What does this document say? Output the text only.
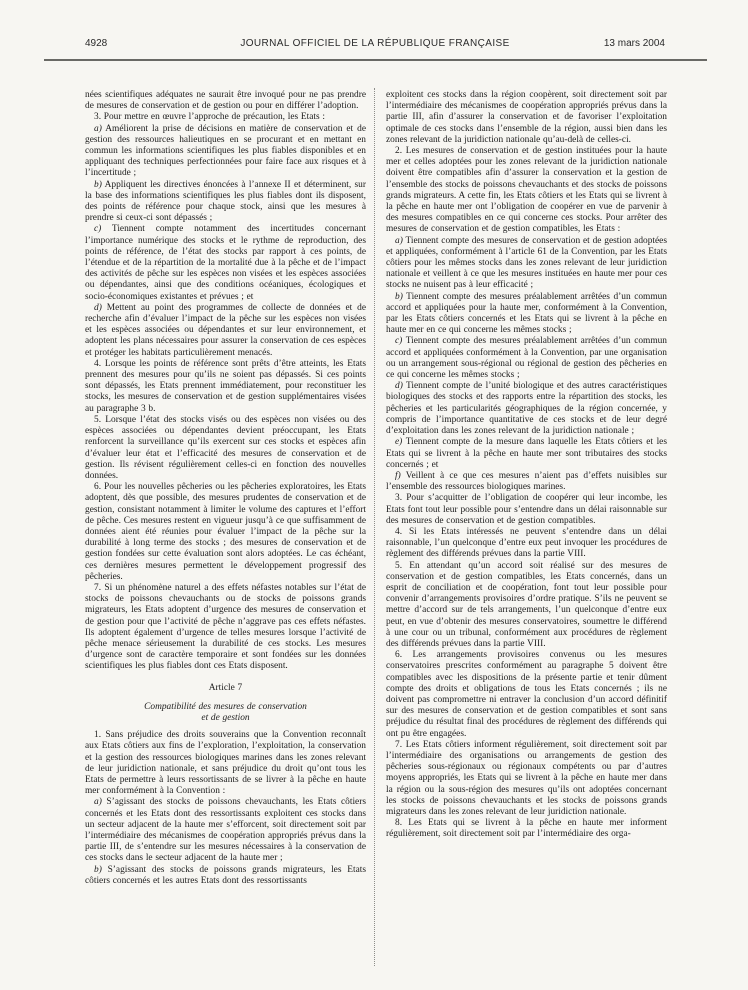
4928	JOURNAL OFFICIEL DE LA RÉPUBLIQUE FRANÇAISE	13 mars 2004

nées scientifiques adéquates ne saurait être invoqué pour ne pas prendre de mesures de conservation et de gestion ou pour en différer l’adoption.

3. Pour mettre en œuvre l’approche de précaution, les Etats :

a) Améliorent la prise de décisions en matière de conservation et de gestion des ressources halieutiques en se procurant et en mettant en commun les informations scientifiques les plus fiables disponibles et en appliquant des techniques perfectionnées pour faire face aux risques et à l’incertitude ;

b) Appliquent les directives énoncées à l’annexe II et déterminent, sur la base des informations scientifiques les plus fiables dont ils disposent, des points de référence pour chaque stock, ainsi que les mesures à prendre si ceux-ci sont dépassés ;

c) Tiennent compte notamment des incertitudes concernant l’importance numérique des stocks et le rythme de reproduction, des points de référence, de l’état des stocks par rapport à ces points, de l’étendue et de la répartition de la mortalité due à la pêche et de l’impact des activités de pêche sur les espèces non visées et les espèces associées ou dépendantes, ainsi que des conditions océaniques, écologiques et socio-économiques existantes et prévues ; et

d) Mettent au point des programmes de collecte de données et de recherche afin d’évaluer l’impact de la pêche sur les espèces non visées et les espèces associées ou dépendantes et sur leur environnement, et adoptent les plans nécessaires pour assurer la conservation de ces espèces et protéger les habitats particulièrement menacés.

4. Lorsque les points de référence sont prêts d’être atteints, les Etats prennent des mesures pour qu’ils ne soient pas dépassés. Si ces points sont dépassés, les Etats prennent immédiatement, pour reconstituer les stocks, les mesures de conservation et de gestion supplémentaires visées au paragraphe 3 b.

5. Lorsque l’état des stocks visés ou des espèces non visées ou des espèces associées ou dépendantes devient préoccupant, les Etats renforcent la surveillance qu’ils exercent sur ces stocks et espèces afin d’évaluer leur état et l’efficacité des mesures de conservation et de gestion. Ils révisent régulièrement celles-ci en fonction des nouvelles données.

6. Pour les nouvelles pêcheries ou les pêcheries exploratoires, les Etats adoptent, dès que possible, des mesures prudentes de conservation et de gestion, consistant notamment à limiter le volume des captures et l’effort de pêche. Ces mesures restent en vigueur jusqu’à ce que suffisamment de données aient été réunies pour évaluer l’impact de la pêche sur la durabilité à long terme des stocks ; des mesures de conservation et de gestion fondées sur cette évaluation sont alors adoptées. Le cas échéant, ces dernières mesures permettent le développement progressif des pêcheries.

7. Si un phénomène naturel a des effets néfastes notables sur l’état de stocks de poissons chevauchants ou de stocks de poissons grands migrateurs, les Etats adoptent d’urgence des mesures de conservation et de gestion pour que l’activité de pêche n’aggrave pas ces effets néfastes. Ils adoptent également d’urgence de telles mesures lorsque l’activité de pêche menace sérieusement la durabilité de ces stocks. Les mesures d’urgence sont de caractère temporaire et sont fondées sur les données scientifiques les plus fiables dont ces Etats disposent.

Article 7
Compatibilité des mesures de conservation
et de gestion

1. Sans préjudice des droits souverains que la Convention reconnaît aux Etats côtiers aux fins de l’exploration, l’exploitation, la conservation et la gestion des ressources biologiques marines dans les zones relevant de leur juridiction nationale, et sans préjudice du droit qu’ont tous les Etats de permettre à leurs ressortissants de se livrer à la pêche en haute mer conformément à la Convention :

a) S’agissant des stocks de poissons chevauchants, les Etats côtiers concernés et les Etats dont des ressortissants exploitent ces stocks dans un secteur adjacent de la haute mer s’efforcent, soit directement soit par l’intermédiaire des mécanismes de coopération appropriés prévus dans la partie III, de s’entendre sur les mesures nécessaires à la conservation de ces stocks dans le secteur adjacent de la haute mer ;

b) S’agissant des stocks de poissons grands migrateurs, les Etats côtiers concernés et les autres Etats dont des ressortissants

exploitent ces stocks dans la région coopèrent, soit directement soit par l’intermédiaire des mécanismes de coopération appropriés prévus dans la partie III, afin d’assurer la conservation et de favoriser l’exploitation optimale de ces stocks dans l’ensemble de la région, aussi bien dans les zones relevant de la juridiction nationale qu’au-delà de celles-ci.

2. Les mesures de conservation et de gestion instituées pour la haute mer et celles adoptées pour les zones relevant de la juridiction nationale doivent être compatibles afin d’assurer la conservation et la gestion de l’ensemble des stocks de poissons chevauchants et des stocks de poissons grands migrateurs. A cette fin, les Etats côtiers et les Etats qui se livrent à la pêche en haute mer ont l’obligation de coopérer en vue de parvenir à des mesures compatibles en ce qui concerne ces stocks. Pour arrêter des mesures de conservation et de gestion compatibles, les Etats :

a) Tiennent compte des mesures de conservation et de gestion adoptées et appliquées, conformément à l’article 61 de la Convention, par les Etats côtiers pour les mêmes stocks dans les zones relevant de leur juridiction nationale et veillent à ce que les mesures instituées en haute mer pour ces stocks ne nuisent pas à leur efficacité ;

b) Tiennent compte des mesures préalablement arrêtées d’un commun accord et appliquées pour la haute mer, conformément à la Convention, par les Etats côtiers concernés et les Etats qui se livrent à la pêche en haute mer en ce qui concerne les mêmes stocks ;

c) Tiennent compte des mesures préalablement arrêtées d’un commun accord et appliquées conformément à la Convention, par une organisation ou un arrangement sous-régional ou régional de gestion des pêcheries en ce qui concerne les mêmes stocks ;

d) Tiennent compte de l’unité biologique et des autres caractéristiques biologiques des stocks et des rapports entre la répartition des stocks, les pêcheries et les particularités géographiques de la région concernée, y compris de l’importance quantitative de ces stocks et de leur degré d’exploitation dans les zones relevant de la juridiction nationale ;

e) Tiennent compte de la mesure dans laquelle les Etats côtiers et les Etats qui se livrent à la pêche en haute mer sont tributaires des stocks concernés ; et

f) Veillent à ce que ces mesures n’aient pas d’effets nuisibles sur l’ensemble des ressources biologiques marines.

3. Pour s’acquitter de l’obligation de coopérer qui leur incombe, les Etats font tout leur possible pour s’entendre dans un délai raisonnable sur des mesures de conservation et de gestion compatibles.

4. Si les Etats intéressés ne peuvent s’entendre dans un délai raisonnable, l’un quelconque d’entre eux peut invoquer les procédures de règlement des différends prévues dans la partie VIII.

5. En attendant qu’un accord soit réalisé sur des mesures de conservation et de gestion compatibles, les Etats concernés, dans un esprit de conciliation et de coopération, font tout leur possible pour convenir d’arrangements provisoires d’ordre pratique. S’ils ne peuvent se mettre d’accord sur de tels arrangements, l’un quelconque d’entre eux peut, en vue d’obtenir des mesures conservatoires, soumettre le différend à une cour ou un tribunal, conformément aux procédures de règlement des différends prévues dans la partie VIII.

6. Les arrangements provisoires convenus ou les mesures conservatoires prescrites conformément au paragraphe 5 doivent être compatibles avec les dispositions de la présente partie et tenir dûment compte des droits et obligations de tous les Etats concernés ; ils ne doivent pas compromettre ni entraver la conclusion d’un accord définitif sur des mesures de conservation et de gestion compatibles et sont sans préjudice du résultat final des procédures de règlement des différends qui ont pu être engagées.

7. Les Etats côtiers informent régulièrement, soit directement soit par l’intermédiaire des organisations ou arrangements de gestion des pêcheries sous-régionaux ou régionaux compétents ou par d’autres moyens appropriés, les Etats qui se livrent à la pêche en haute mer dans la région ou la sous-région des mesures qu’ils ont adoptées concernant les stocks de poissons chevauchants et les stocks de poissons grands migrateurs dans les zones relevant de leur juridiction nationale.

8. Les Etats qui se livrent à la pêche en haute mer informent régulièrement, soit directement soit par l’intermédiaire des orga-
